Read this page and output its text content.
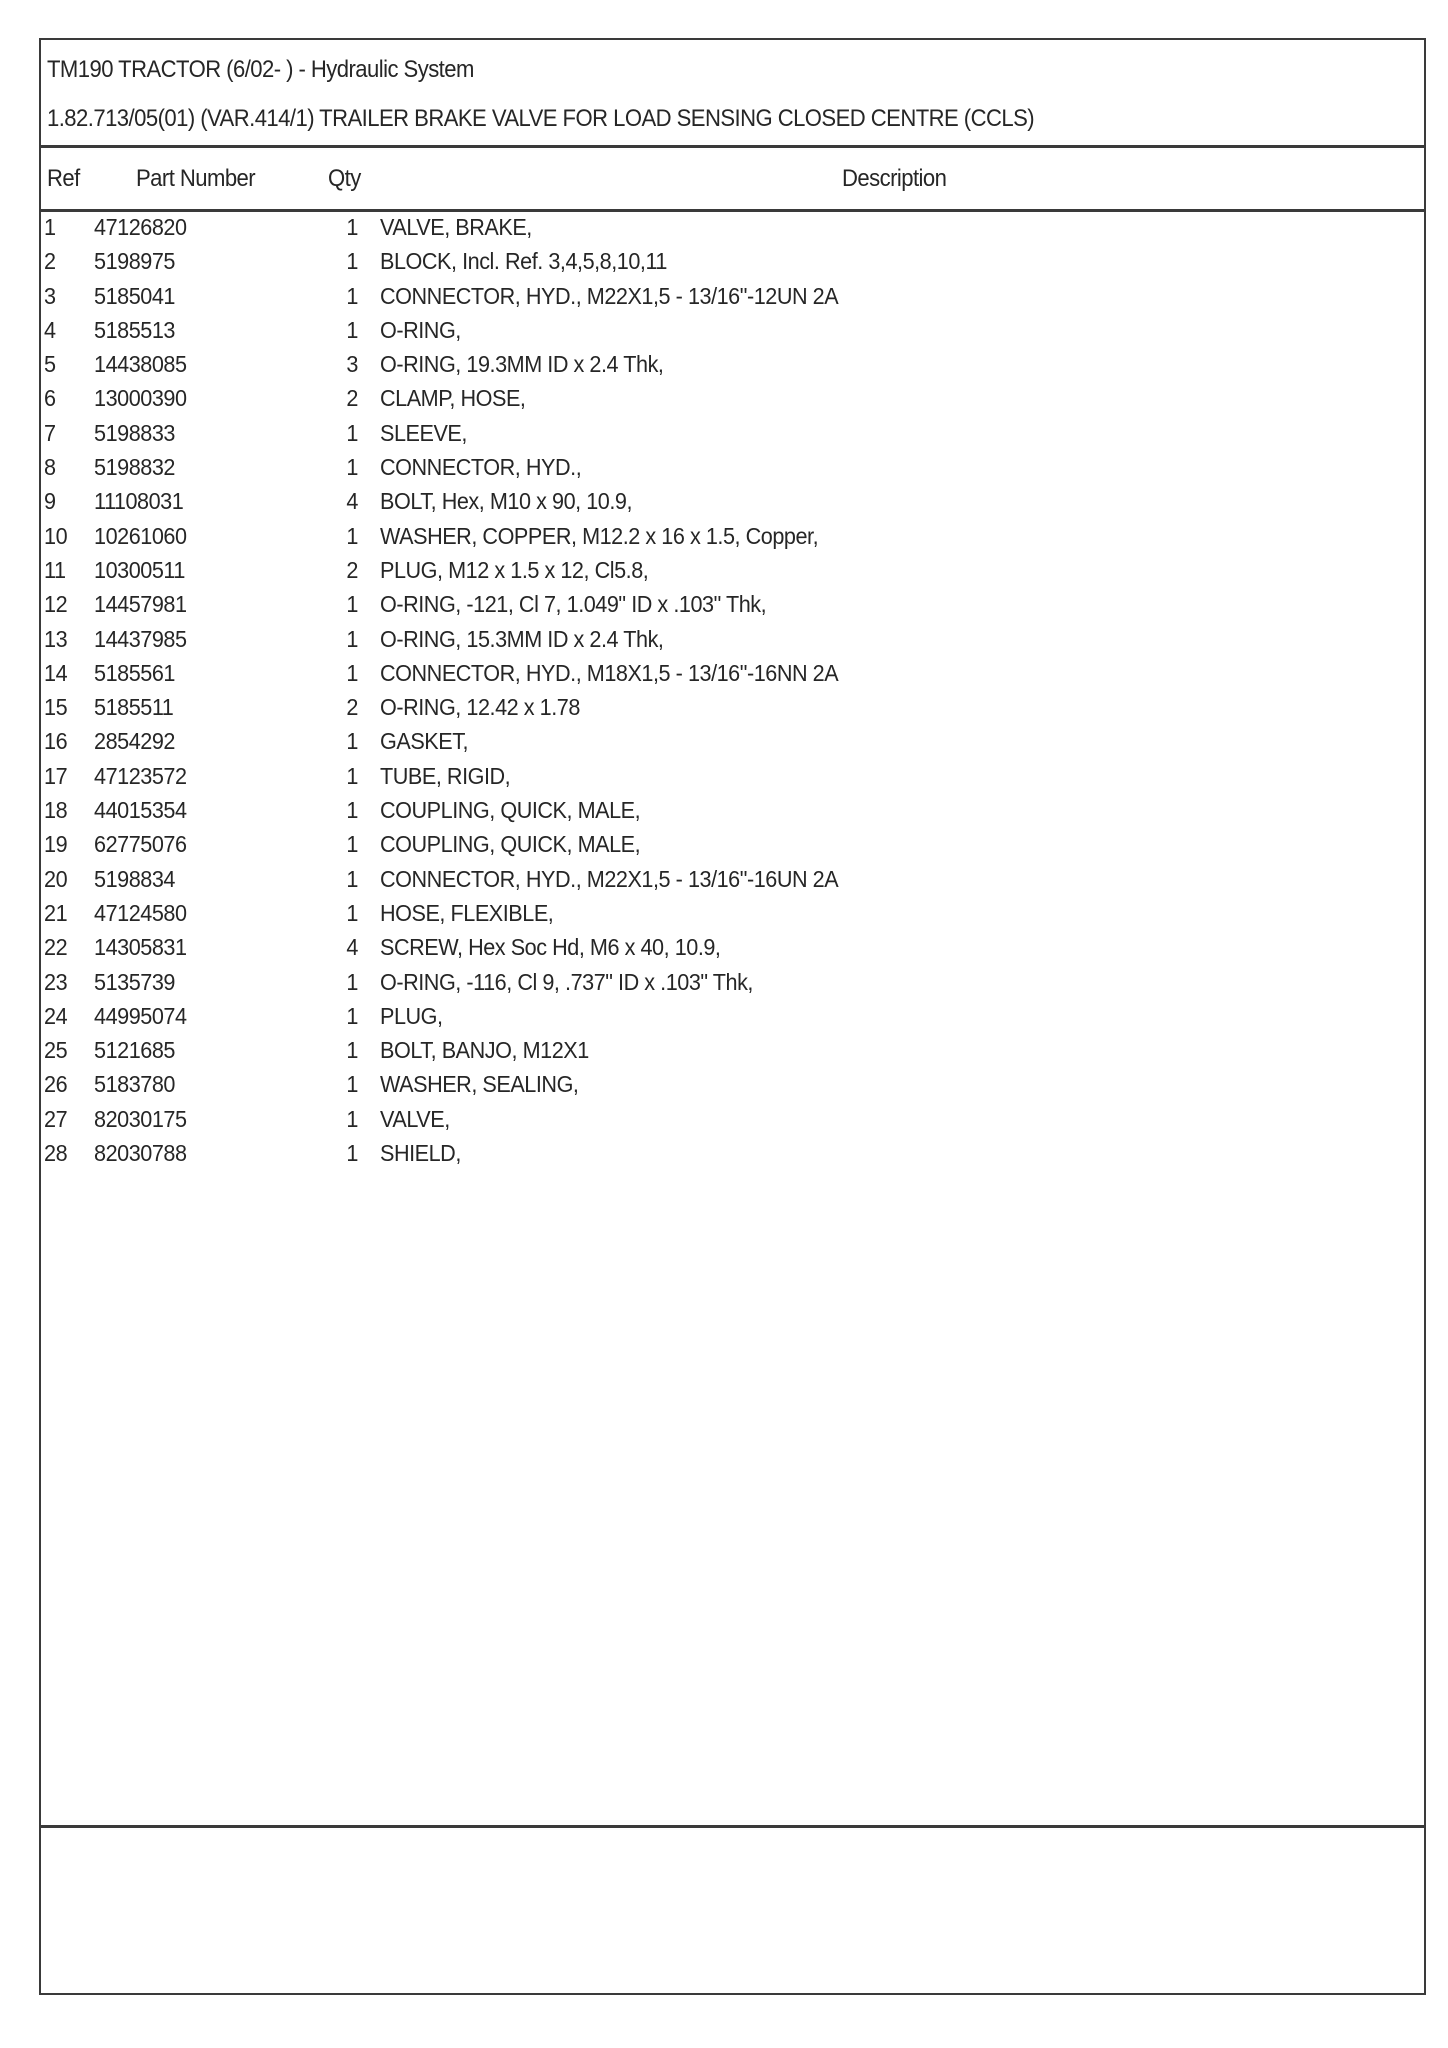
TM190 TRACTOR (6/02- ) - Hydraulic System
1.82.713/05(01) (VAR.414/1) TRAILER BRAKE VALVE FOR LOAD SENSING CLOSED CENTRE (CCLS)
Ref Part Number	Qty	Description
1 47126820	1 VALVE, BRAKE,
2 5198975	1 BLOCK, Incl. Ref. 3,4,5,8,10,11
3 5185041	1 CONNECTOR, HYD., M22X1,5 - 13/16"-12UN 2A
4 5185513	1 O-RING,
5 14438085	3 O-RING, 19.3MM ID x 2.4 Thk,
6 13000390	2 CLAMP, HOSE,
7 5198833	1 SLEEVE,
8 5198832	1 CONNECTOR, HYD.,
9 11108031	4 BOLT, Hex, M10 x 90, 10.9,
10 10261060	1 WASHER, COPPER, M12.2 x 16 x 1.5, Copper,
11 10300511	2 PLUG, M12 x 1.5 x 12, Cl5.8,
12 14457981	1 O-RING, -121, Cl 7, 1.049" ID x .103" Thk,
13 14437985	1 O-RING, 15.3MM ID x 2.4 Thk,
14 5185561	1 CONNECTOR, HYD., M18X1,5 - 13/16"-16NN 2A
15 5185511	2 O-RING, 12.42 x 1.78
16 2854292	1 GASKET,
17 47123572	1 TUBE, RIGID,
18 44015354	1 COUPLING, QUICK, MALE,
19 62775076	1 COUPLING, QUICK, MALE,
20 5198834	1 CONNECTOR, HYD., M22X1,5 - 13/16"-16UN 2A
21 47124580	1 HOSE, FLEXIBLE,
22 14305831	4 SCREW, Hex Soc Hd, M6 x 40, 10.9,
23 5135739	1 O-RING, -116, Cl 9, .737" ID x .103" Thk,
24 44995074	1 PLUG,
25 5121685	1 BOLT, BANJO, M12X1
26 5183780	1 WASHER, SEALING,
27 82030175	1 VALVE,
28 82030788	1 SHIELD,
